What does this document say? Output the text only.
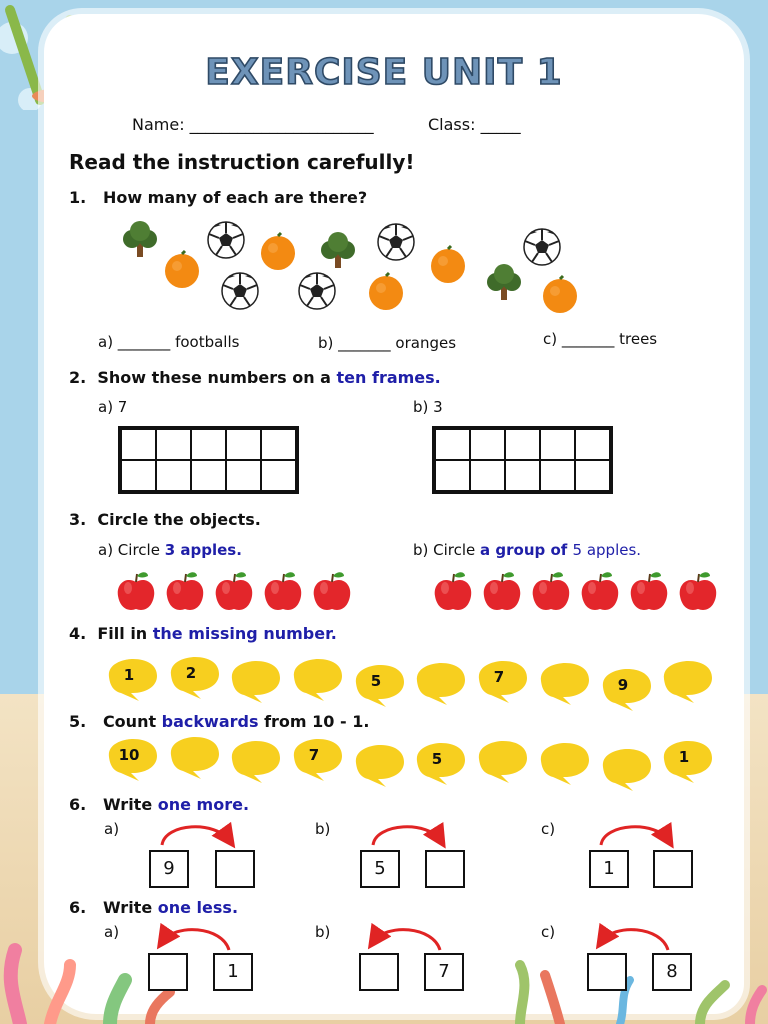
EXERCISE UNIT 1
Name: _______________________	Class: _____
Read the instruction carefully!
1. How many of each are there?
a) _______ footballs	b) _______ oranges	c) _______ trees
2. Show these numbers on a ten frames.
a) 7	b) 3
3. Circle the objects.
a) Circle 3 apples.	b) Circle a group of 5 apples.
4. Fill in the missing number.
1	2	5	7	9
5. Count backwards from 10 - 1.
10	7	5	1
6. Write one more.
a)	b)	c)
9	5	1
6. Write one less.
a)	b)	c)
1	7	8
